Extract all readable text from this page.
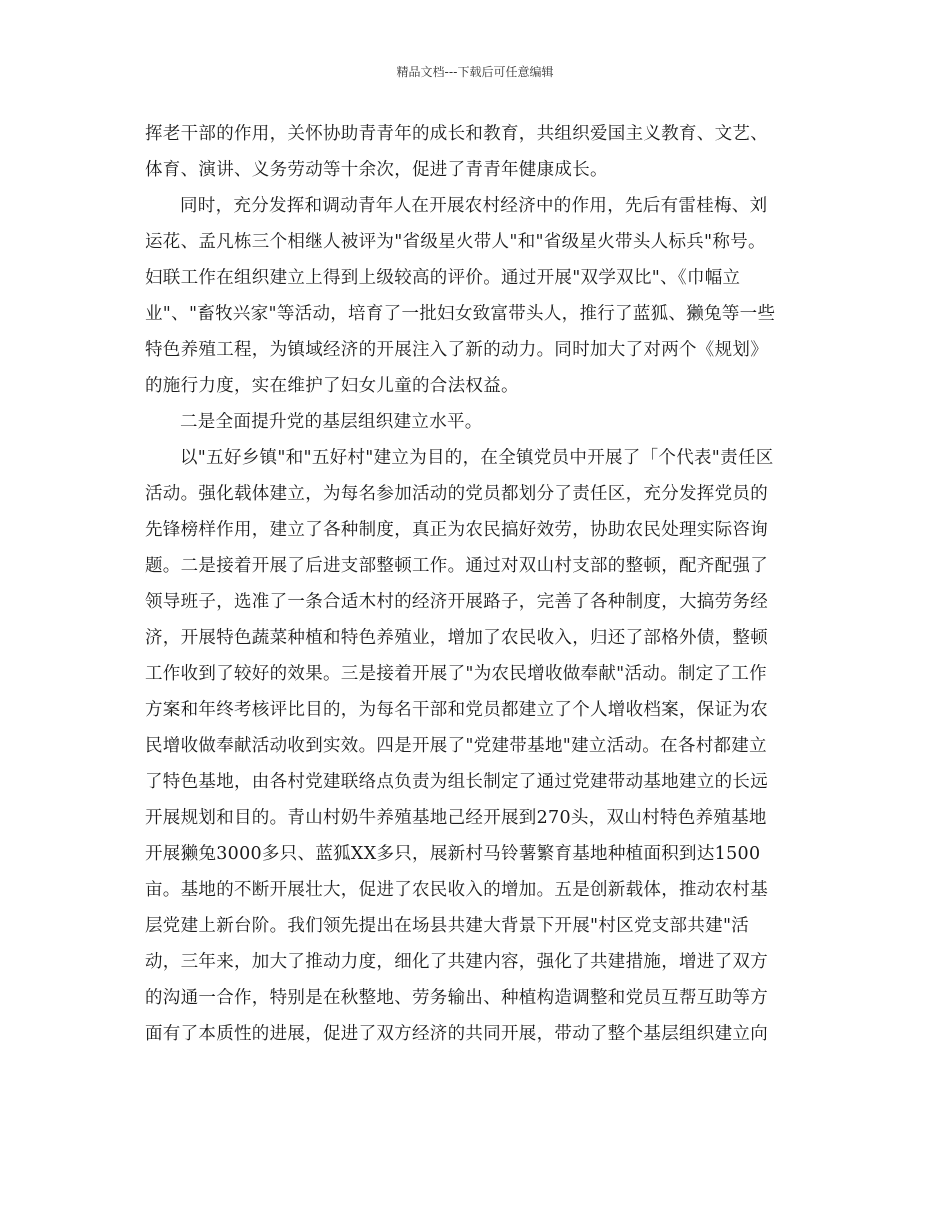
精品文档---下载后可任意编辑
挥老干部的作用，关怀协助青青年的成长和教育，共组织爱国主义教育、文艺、
体育、演讲、义务劳动等十余次，促进了青青年健康成长。
同时，充分发挥和调动青年人在开展农村经济中的作用，先后有雷桂梅、刘
运花、孟凡栋三个相继人被评为"省级星火带人"和"省级星火带头人标兵"称号。
妇联工作在组织建立上得到上级较高的评价。通过开展"双学双比"、《巾幅立
业"、"畜牧兴家"等活动，培育了一批妇女致富带头人，推行了蓝狐、獭兔等一些
特色养殖工程，为镇域经济的开展注入了新的动力。同时加大了对两个《规划》
的施行力度，实在维护了妇女儿童的合法权益。
二是全面提升党的基层组织建立水平。
以"五好乡镇"和"五好村"建立为目的，在全镇党员中开展了「个代表"责任区
活动。强化载体建立，为每名参加活动的党员都划分了责任区，充分发挥党员的
先锋榜样作用，建立了各种制度，真正为农民搞好效劳，协助农民处理实际咨询
题。二是接着开展了后进支部整顿工作。通过对双山村支部的整顿，配齐配强了
领导班子，选准了一条合适木村的经济开展路子，完善了各种制度，大搞劳务经
济，开展特色蔬菜种植和特色养殖业，增加了农民收入，归还了部格外债，整顿
工作收到了较好的效果。三是接着开展了"为农民增收做奉献"活动。制定了工作
方案和年终考核评比目的，为每名干部和党员都建立了个人增收档案，保证为农
民增收做奉献活动收到实效。四是开展了"党建带基地"建立活动。在各村都建立
了特色基地，由各村党建联络点负责为组长制定了通过党建带动基地建立的长远
开展规划和目的。青山村奶牛养殖基地己经开展到270头，双山村特色养殖基地
开展獭兔3000多只、蓝狐XX多只，展新村马铃薯繁育基地种植面积到达1500
亩。基地的不断开展壮大，促进了农民收入的增加。五是创新载体，推动农村基
层党建上新台阶。我们领先提出在场县共建大背景下开展"村区党支部共建"活
动，三年来，加大了推动力度，细化了共建内容，强化了共建措施，增进了双方
的沟通一合作，特别是在秋整地、劳务输出、种植构造调整和党员互帮互助等方
面有了本质性的进展，促进了双方经济的共同开展，带动了整个基层组织建立向
